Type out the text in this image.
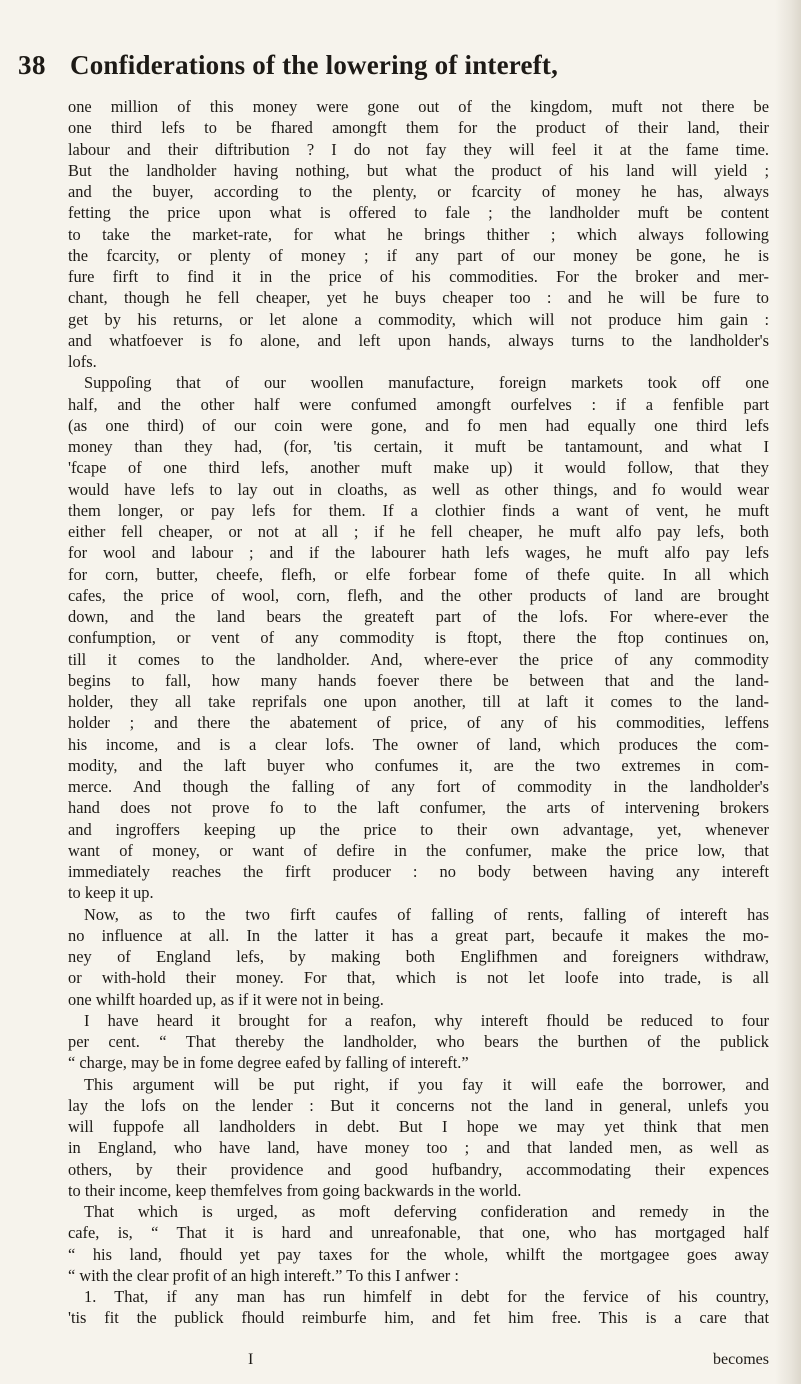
38 Confiderations of the lowering of intereft,
one million of this money were gone out of the kingdom, muft not there be
one third lefs to be fhared amongft them for the product of their land, their
labour and their diftribution ? I do not fay they will feel it at the fame time.
But the landholder having nothing, but what the product of his land will yield ;
and the buyer, according to the plenty, or fcarcity of money he has, always
fetting the price upon what is offered to fale ; the landholder muft be content
to take the market-rate, for what he brings thither ; which always following
the fcarcity, or plenty of money ; if any part of our money be gone, he is
fure firft to find it in the price of his commodities. For the broker and mer-
chant, though he fell cheaper, yet he buys cheaper too : and he will be fure to
get by his returns, or let alone a commodity, which will not produce him gain :
and whatfoever is fo alone, and left upon hands, always turns to the landholder's
lofs.
Suppoſing that of our woollen manufacture, foreign markets took off one
half, and the other half were confumed amongft ourfelves : if a fenfible part
(as one third) of our coin were gone, and fo men had equally one third lefs
money than they had, (for, 'tis certain, it muft be tantamount, and what I
'fcape of one third lefs, another muft make up) it would follow, that they
would have lefs to lay out in cloaths, as well as other things, and fo would wear
them longer, or pay lefs for them. If a clothier finds a want of vent, he muft
either fell cheaper, or not at all ; if he fell cheaper, he muft alfo pay lefs, both
for wool and labour ; and if the labourer hath lefs wages, he muft alfo pay lefs
for corn, butter, cheefe, flefh, or elfe forbear fome of thefe quite. In all which
cafes, the price of wool, corn, flefh, and the other products of land are brought
down, and the land bears the greateft part of the lofs. For where-ever the
confumption, or vent of any commodity is ftopt, there the ftop continues on,
till it comes to the landholder. And, where-ever the price of any commodity
begins to fall, how many hands foever there be between that and the land-
holder, they all take reprifals one upon another, till at laft it comes to the land-
holder ; and there the abatement of price, of any of his commodities, leffens
his income, and is a clear lofs. The owner of land, which produces the com-
modity, and the laft buyer who confumes it, are the two extremes in com-
merce. And though the falling of any fort of commodity in the landholder's
hand does not prove fo to the laft confumer, the arts of intervening brokers
and ingroffers keeping up the price to their own advantage, yet, whenever
want of money, or want of defire in the confumer, make the price low, that
immediately reaches the firft producer : no body between having any intereft
to keep it up.
Now, as to the two firft caufes of falling of rents, falling of intereft has
no influence at all. In the latter it has a great part, becaufe it makes the mo-
ney of England lefs, by making both Englifhmen and foreigners withdraw,
or with-hold their money. For that, which is not let loofe into trade, is all
one whilft hoarded up, as if it were not in being.
I have heard it brought for a reafon, why intereft fhould be reduced to four
per cent. “ That thereby the landholder, who bears the burthen of the publick
“ charge, may be in fome degree eafed by falling of intereft.”
This argument will be put right, if you fay it will eafe the borrower, and
lay the lofs on the lender : But it concerns not the land in general, unlefs you
will fuppofe all landholders in debt. But I hope we may yet think that men
in England, who have land, have money too ; and that landed men, as well as
others, by their providence and good hufbandry, accommodating their expences
to their income, keep themfelves from going backwards in the world.
That which is urged, as moft deferving confideration and remedy in the
cafe, is, “ That it is hard and unreafonable, that one, who has mortgaged half
“ his land, fhould yet pay taxes for the whole, whilft the mortgagee goes away
“ with the clear profit of an high intereft.” To this I anfwer :
1. That, if any man has run himfelf in debt for the fervice of his country,
'tis fit the publick fhould reimburfe him, and fet him free. This is a care that
I	becomes
